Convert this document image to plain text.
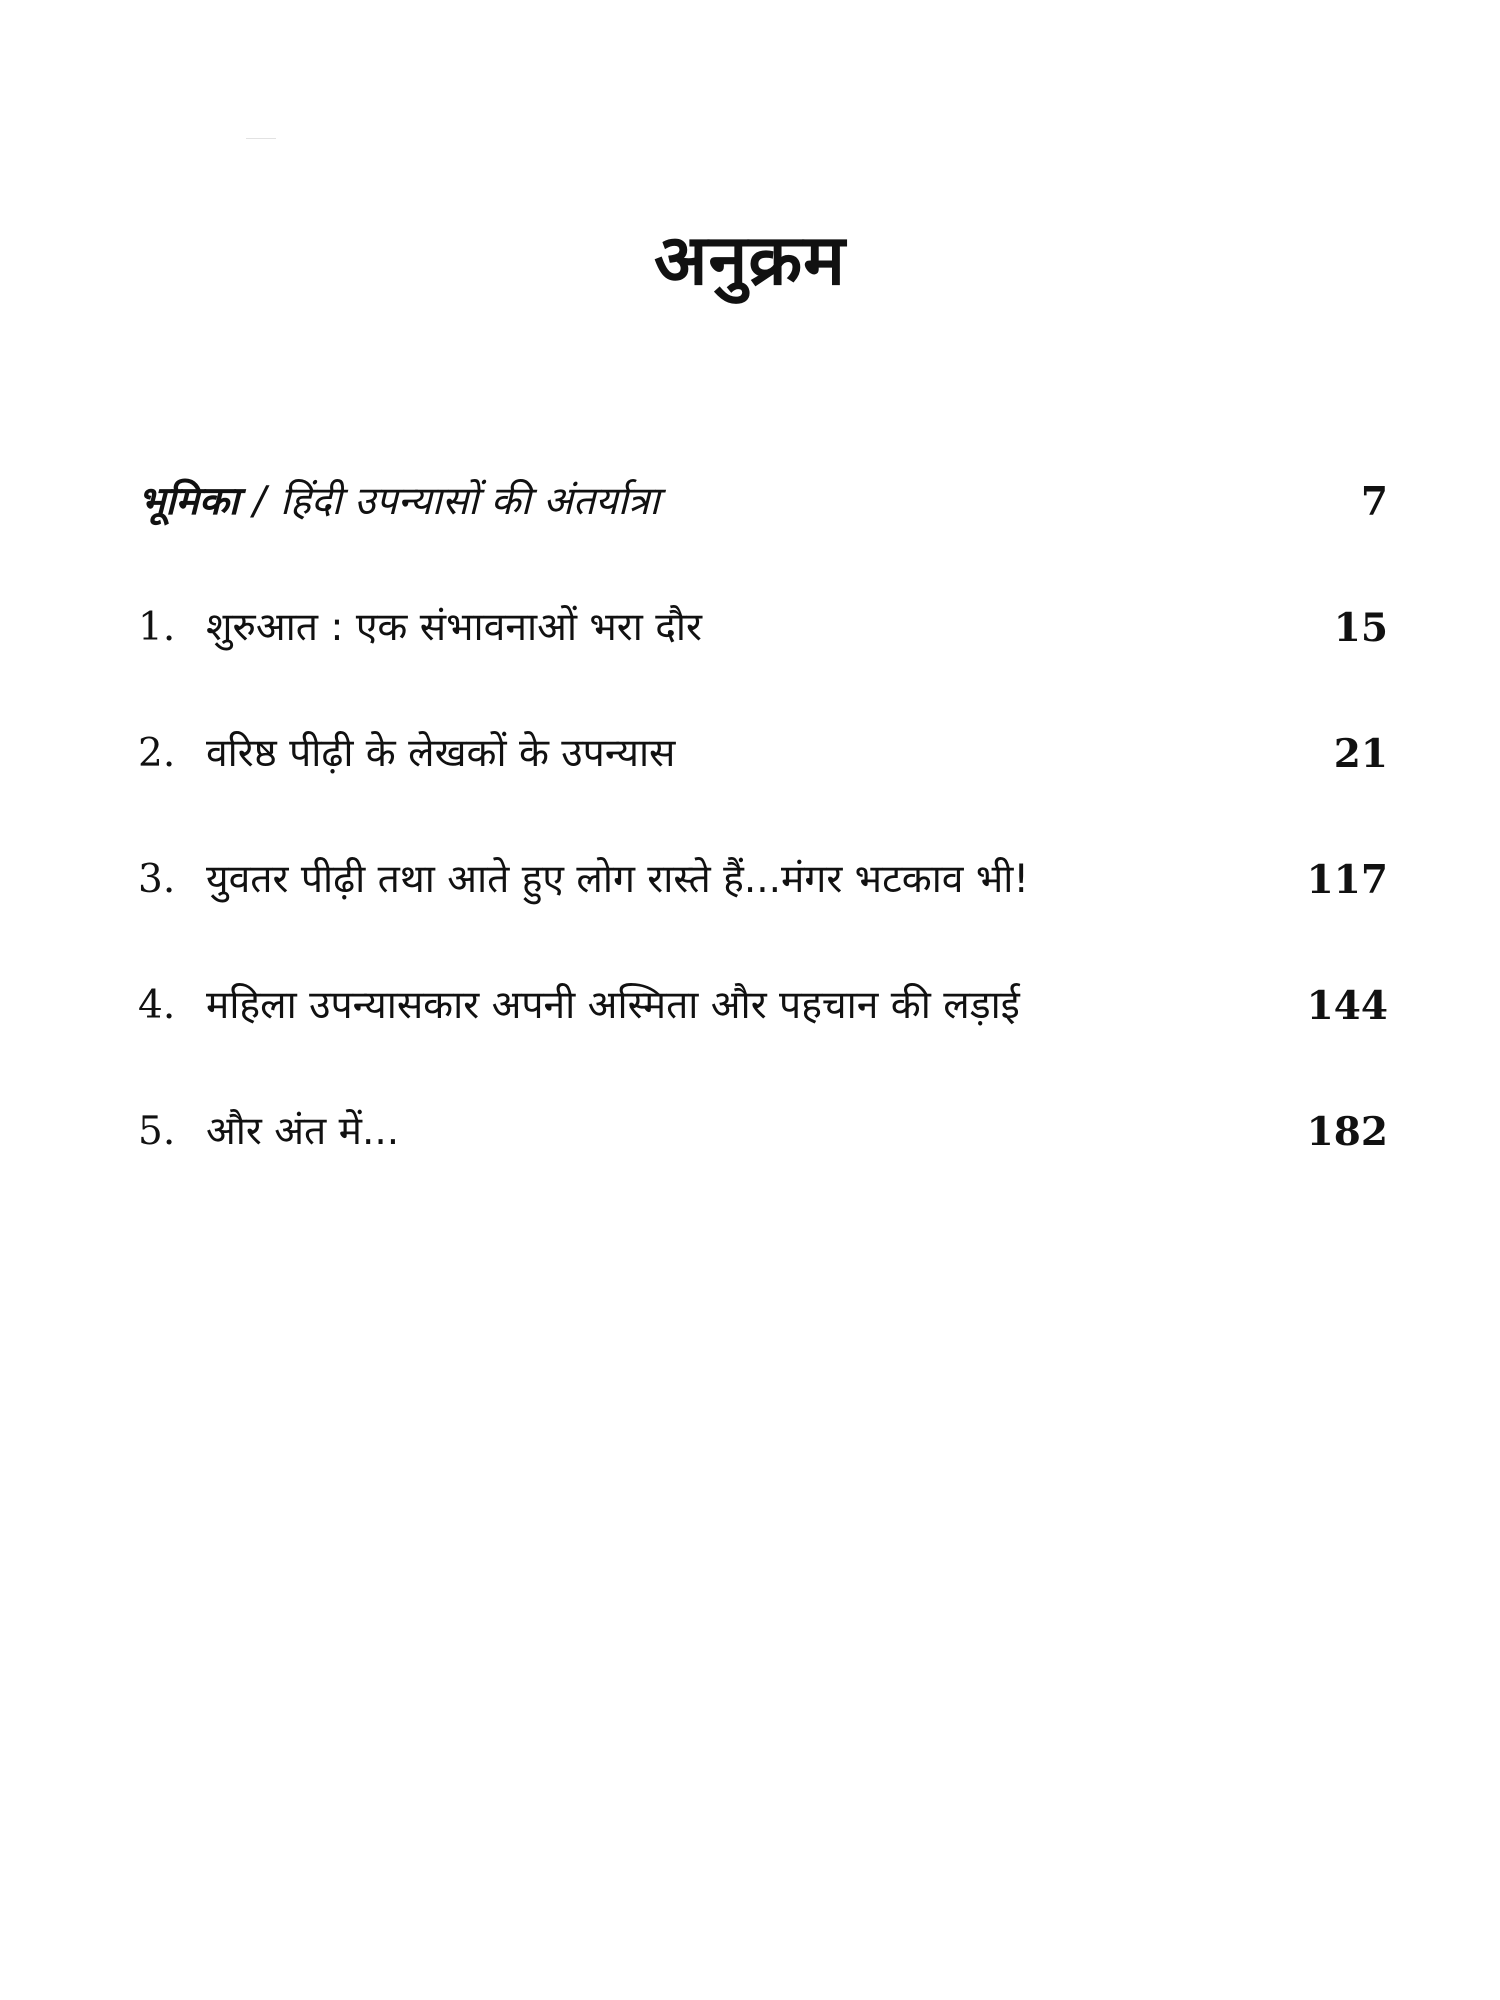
अनुक्रम
भूमिका / हिंदी उपन्यासों की अंतर्यात्रा	7
1. शुरुआत : एक संभावनाओं भरा दौर	15
2. वरिष्ठ पीढ़ी के लेखकों के उपन्यास	21
3. युवतर पीढ़ी तथा आते हुए लोग रास्ते हैं...मंगर भटकाव भी!	117
4. महिला उपन्यासकार अपनी अस्मिता और पहचान की लड़ाई	144
5. और अंत में...	182
